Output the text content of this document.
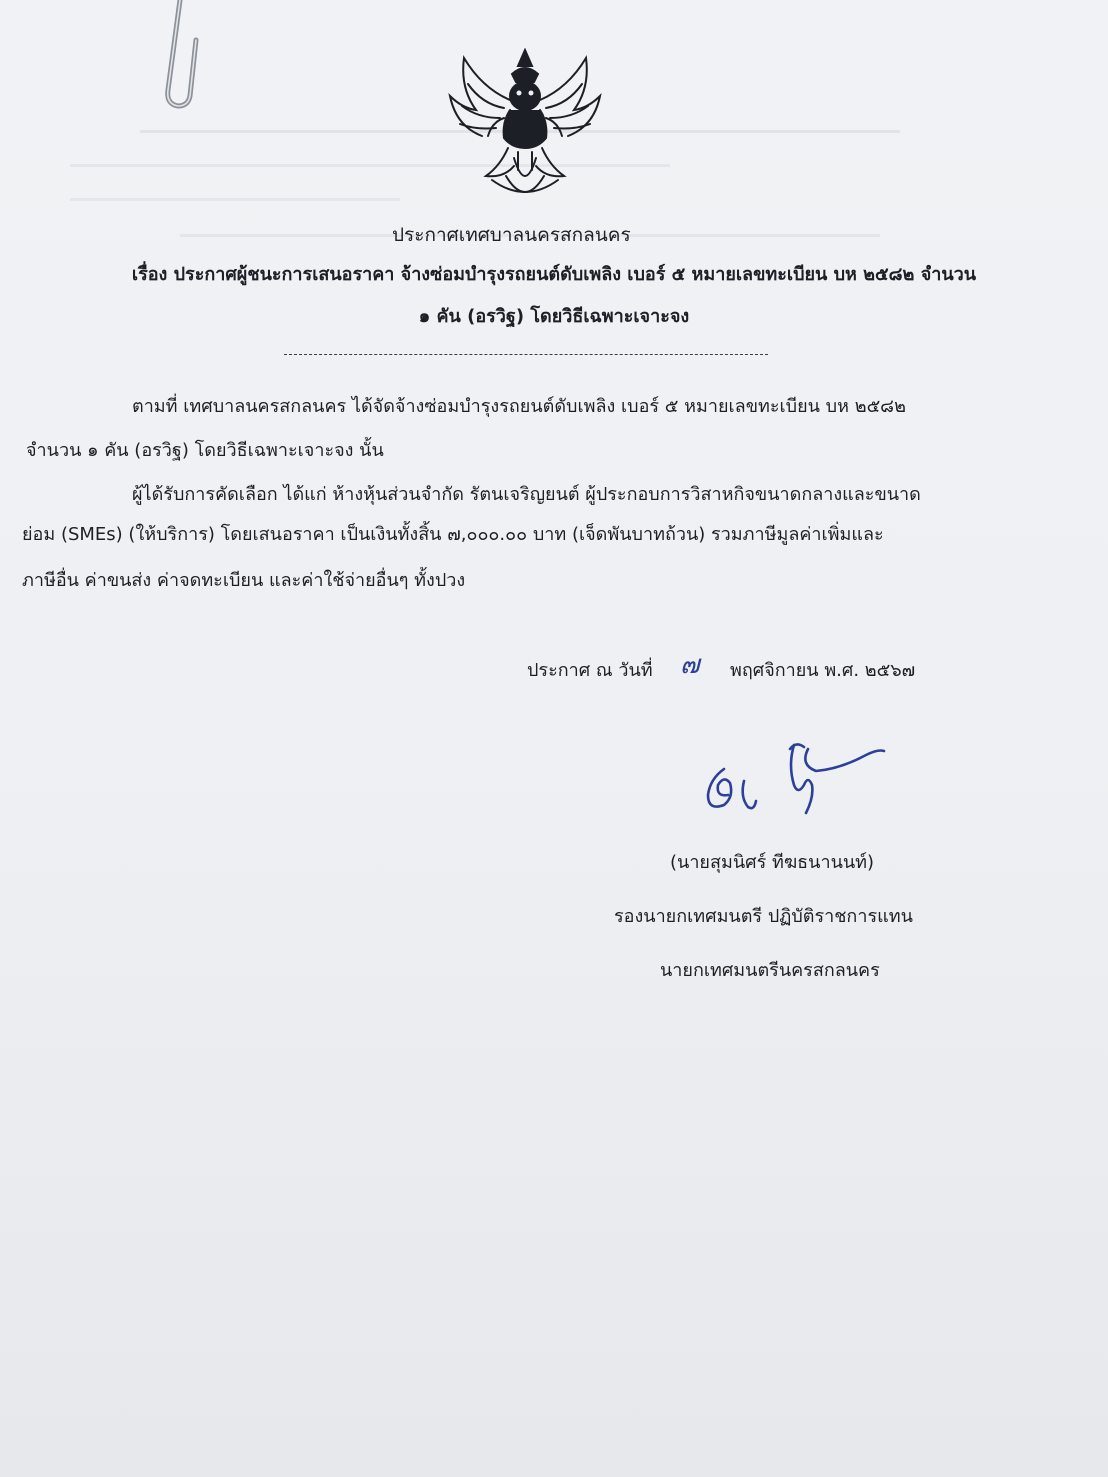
ประกาศเทศบาลนครสกลนคร
เรื่อง ประกาศผู้ชนะการเสนอราคา จ้างซ่อมบำรุงรถยนต์ดับเพลิง เบอร์ ๕ หมายเลขทะเบียน บห ๒๕๘๒ จำนวน
๑ คัน (อรวิฐ) โดยวิธีเฉพาะเจาะจง
ตามที่ เทศบาลนครสกลนคร ได้จัดจ้างซ่อมบำรุงรถยนต์ดับเพลิง เบอร์ ๕ หมายเลขทะเบียน บห ๒๕๘๒
จำนวน ๑ คัน (อรวิฐ) โดยวิธีเฉพาะเจาะจง นั้น
ผู้ได้รับการคัดเลือก ได้แก่ ห้างหุ้นส่วนจำกัด รัตนเจริญยนต์ ผู้ประกอบการวิสาหกิจขนาดกลางและขนาด
ย่อม (SMEs) (ให้บริการ) โดยเสนอราคา เป็นเงินทั้งสิ้น ๗,๐๐๐.๐๐ บาท (เจ็ดพันบาทถ้วน) รวมภาษีมูลค่าเพิ่มและ
ภาษีอื่น ค่าขนส่ง ค่าจดทะเบียน และค่าใช้จ่ายอื่นๆ ทั้งปวง
ประกาศ ณ วันที่ ๗ พฤศจิกายน พ.ศ. ๒๕๖๗
(นายสุมนิศร์ ทีฆธนานนท์)
รองนายกเทศมนตรี ปฏิบัติราชการแทน
นายกเทศมนตรีนครสกลนคร
